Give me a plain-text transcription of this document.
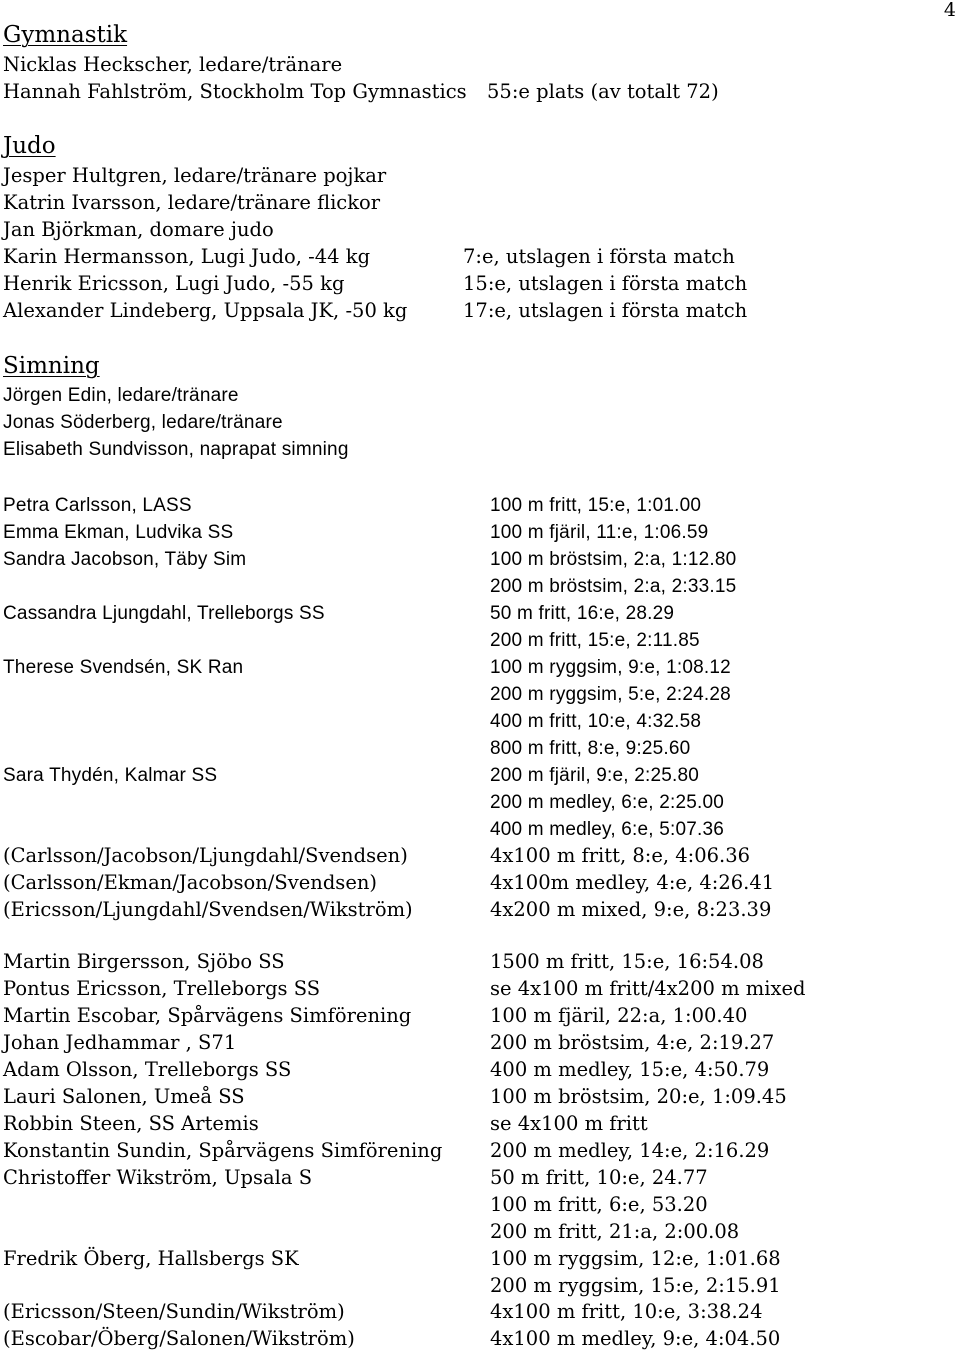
4
Gymnastik
Nicklas Heckscher, ledare/tränare
Hannah Fahlström, Stockholm Top Gymnastics 55:e plats (av totalt 72)
Judo
Jesper Hultgren, ledare/tränare pojkar
Katrin Ivarsson, ledare/tränare flickor
Jan Björkman, domare judo
Karin Hermansson, Lugi Judo, -44 kg	7:e, utslagen i första match
Henrik Ericsson, Lugi Judo, -55 kg	15:e, utslagen i första match
Alexander Lindeberg, Uppsala JK, -50 kg	17:e, utslagen i första match
Simning
Jörgen Edin, ledare/tränare
Jonas Söderberg, ledare/tränare
Elisabeth Sundvisson, naprapat simning
Petra Carlsson, LASS	100 m fritt, 15:e, 1:01.00
Emma Ekman, Ludvika SS	100 m fjäril, 11:e, 1:06.59
Sandra Jacobson, Täby Sim	100 m bröstsim, 2:a, 1:12.80
200 m bröstsim, 2:a, 2:33.15
Cassandra Ljungdahl, Trelleborgs SS	50 m fritt, 16:e, 28.29
200 m fritt, 15:e, 2:11.85
Therese Svendsén, SK Ran	100 m ryggsim, 9:e, 1:08.12
200 m ryggsim, 5:e, 2:24.28
400 m fritt, 10:e, 4:32.58
800 m fritt, 8:e, 9:25.60
Sara Thydén, Kalmar SS	200 m fjäril, 9:e, 2:25.80
200 m medley, 6:e, 2:25.00
400 m medley, 6:e, 5:07.36
(Carlsson/Jacobson/Ljungdahl/Svendsen)	4x100 m fritt, 8:e, 4:06.36
(Carlsson/Ekman/Jacobson/Svendsen)	4x100m medley, 4:e, 4:26.41
(Ericsson/Ljungdahl/Svendsen/Wikström)	4x200 m mixed, 9:e, 8:23.39
Martin Birgersson, Sjöbo SS	1500 m fritt, 15:e, 16:54.08
Pontus Ericsson, Trelleborgs SS	se 4x100 m fritt/4x200 m mixed
Martin Escobar, Spårvägens Simförening	100 m fjäril, 22:a, 1:00.40
Johan Jedhammar , S71	200 m bröstsim, 4:e, 2:19.27
Adam Olsson, Trelleborgs SS	400 m medley, 15:e, 4:50.79
Lauri Salonen, Umeå SS	100 m bröstsim, 20:e, 1:09.45
Robbin Steen, SS Artemis	se 4x100 m fritt
Konstantin Sundin, Spårvägens Simförening 200 m medley, 14:e, 2:16.29
Christoffer Wikström, Upsala S	50 m fritt, 10:e, 24.77
100 m fritt, 6:e, 53.20
200 m fritt, 21:a, 2:00.08
Fredrik Öberg, Hallsbergs SK	100 m ryggsim, 12:e, 1:01.68
200 m ryggsim, 15:e, 2:15.91
(Ericsson/Steen/Sundin/Wikström)	4x100 m fritt, 10:e, 3:38.24
(Escobar/Öberg/Salonen/Wikström)	4x100 m medley, 9:e, 4:04.50
